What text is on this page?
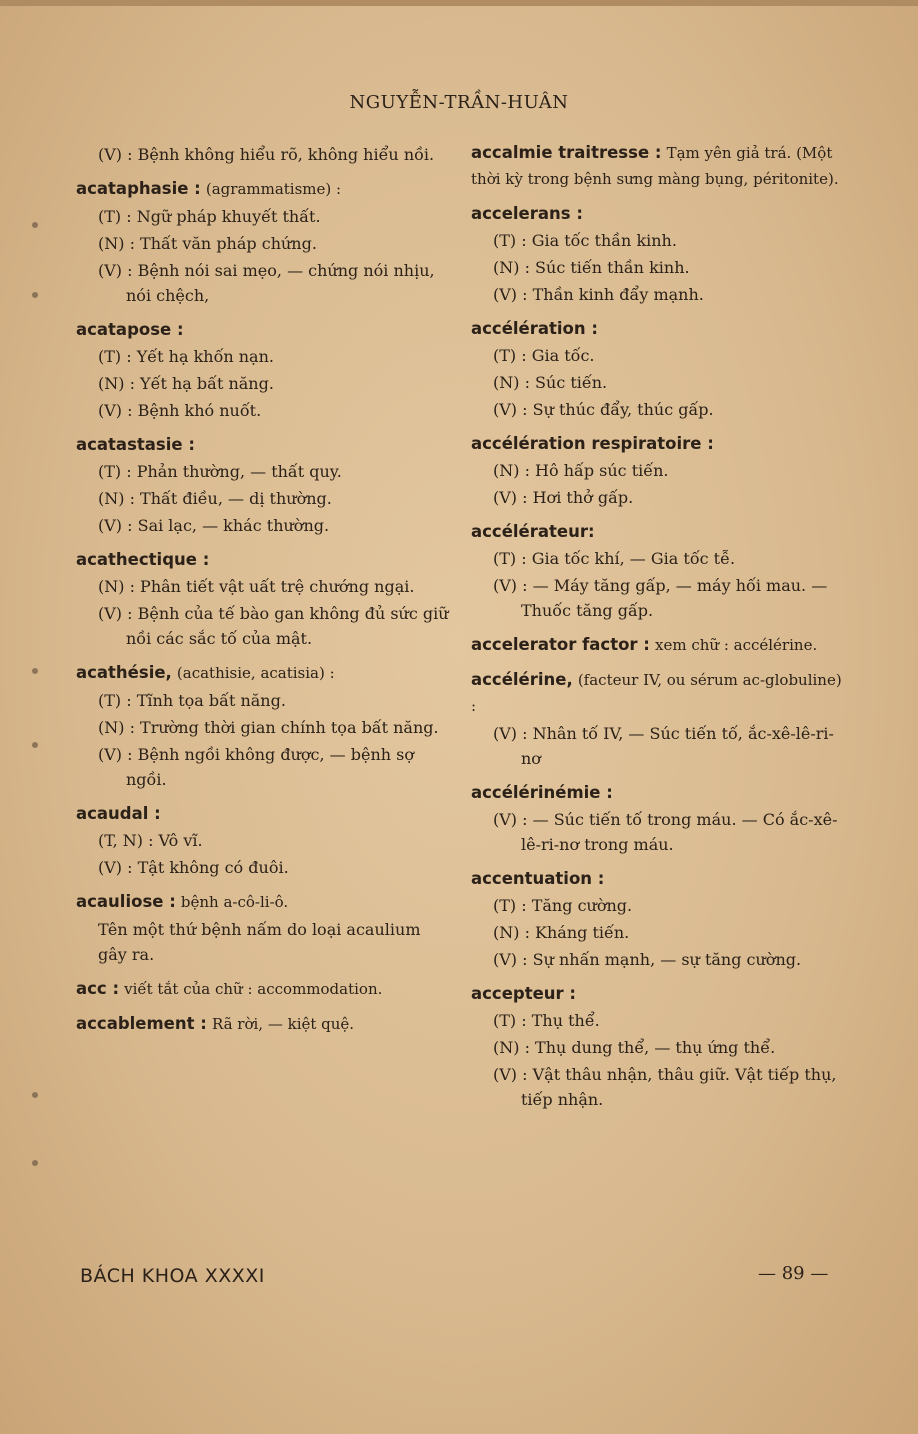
NGUYỄN-TRẦN-HUÂN
(V) : Bệnh không hiểu rõ, không hiểu nồi.
acataphasie : (agrammatisme) :
(T) : Ngữ pháp khuyết thất.
(N) : Thất văn pháp chứng.
(V) : Bệnh nói sai mẹo, — chứng nói nhịu, nói chệch,
acatapose :
(T) : Yết hạ khốn nạn.
(N) : Yết hạ bất năng.
(V) : Bệnh khó nuốt.
acatastasie :
(T) : Phản thường, — thất quy.
(N) : Thất điều, — dị thường.
(V) : Sai lạc, — khác thường.
acathectique :
(N) : Phân tiết vật uất trệ chướng ngại.
(V) : Bệnh của tế bào gan không đủ sức giữ nồi các sắc tố của mật.
acathésie, (acathisie, acatisia) :
(T) : Tĩnh tọa bất năng.
(N) : Trường thời gian chính tọa bất năng.
(V) : Bệnh ngồi không được, — bệnh sợ ngồi.
acaudal :
(T, N) : Vô vĩ.
(V) : Tật không có đuôi.
acauliose : bệnh a-cô-li-ô.
Tên một thứ bệnh nấm do loại acaulium gây ra.
acc : viết tắt của chữ : accommodation.
accablement : Rã rời, — kiệt quệ.
accalmie traitresse : Tạm yên giả trá. (Một thời kỳ trong bệnh sưng màng bụng, péritonite).
accelerans :
(T) : Gia tốc thần kinh.
(N) : Súc tiến thần kinh.
(V) : Thần kinh đẩy mạnh.
accélération :
(T) : Gia tốc.
(N) : Súc tiến.
(V) : Sự thúc đẩy, thúc gấp.
accélération respiratoire :
(N) : Hô hấp súc tiến.
(V) : Hơi thở gấp.
accélérateur:
(T) : Gia tốc khí, — Gia tốc tễ.
(V) : — Máy tăng gấp, — máy hối mau. — Thuốc tăng gấp.
accelerator factor : xem chữ : accélérine.
accélérine, (facteur IV, ou sérum ac-globuline) :
(V) : Nhân tố IV, — Súc tiến tố, ắc-xê-lê-ri-nơ
accélérinémie :
(V) : — Súc tiến tố trong máu. — Có ắc-xê-lê-ri-nơ trong máu.
accentuation :
(T) : Tăng cường.
(N) : Kháng tiến.
(V) : Sự nhấn mạnh, — sự tăng cường.
accepteur :
(T) : Thụ thể.
(N) : Thụ dung thể, — thụ ứng thể.
(V) : Vật thâu nhận, thâu giữ. Vật tiếp thụ, tiếp nhận.
BÁCH KHOA XXXXI	— 89 —
